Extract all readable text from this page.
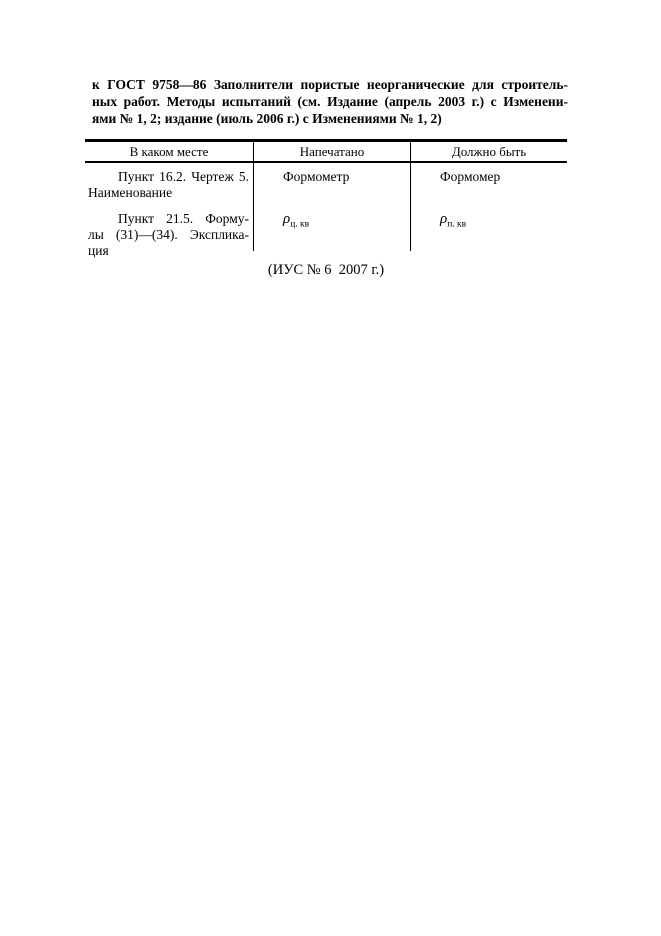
к ГОСТ 9758—86 Заполнители пористые неорганические для строитель-
ных работ. Методы испытаний (см. Издание (апрель 2003 г.) с Изменени-
ями № 1, 2; издание (июль 2006 г.) с Изменениями № 1, 2)
В каком месте	Напечатано	Должно быть
Пункт 16.2. Чертеж 5.
Наименование
Формометр	Формомер
Пункт 21.5. Форму-
лы (31)—(34). Эксплика-
ция
$\rho_{ц. кв}$	$\rho_{п. кв}$
(ИУС № 6  2007 г.)
